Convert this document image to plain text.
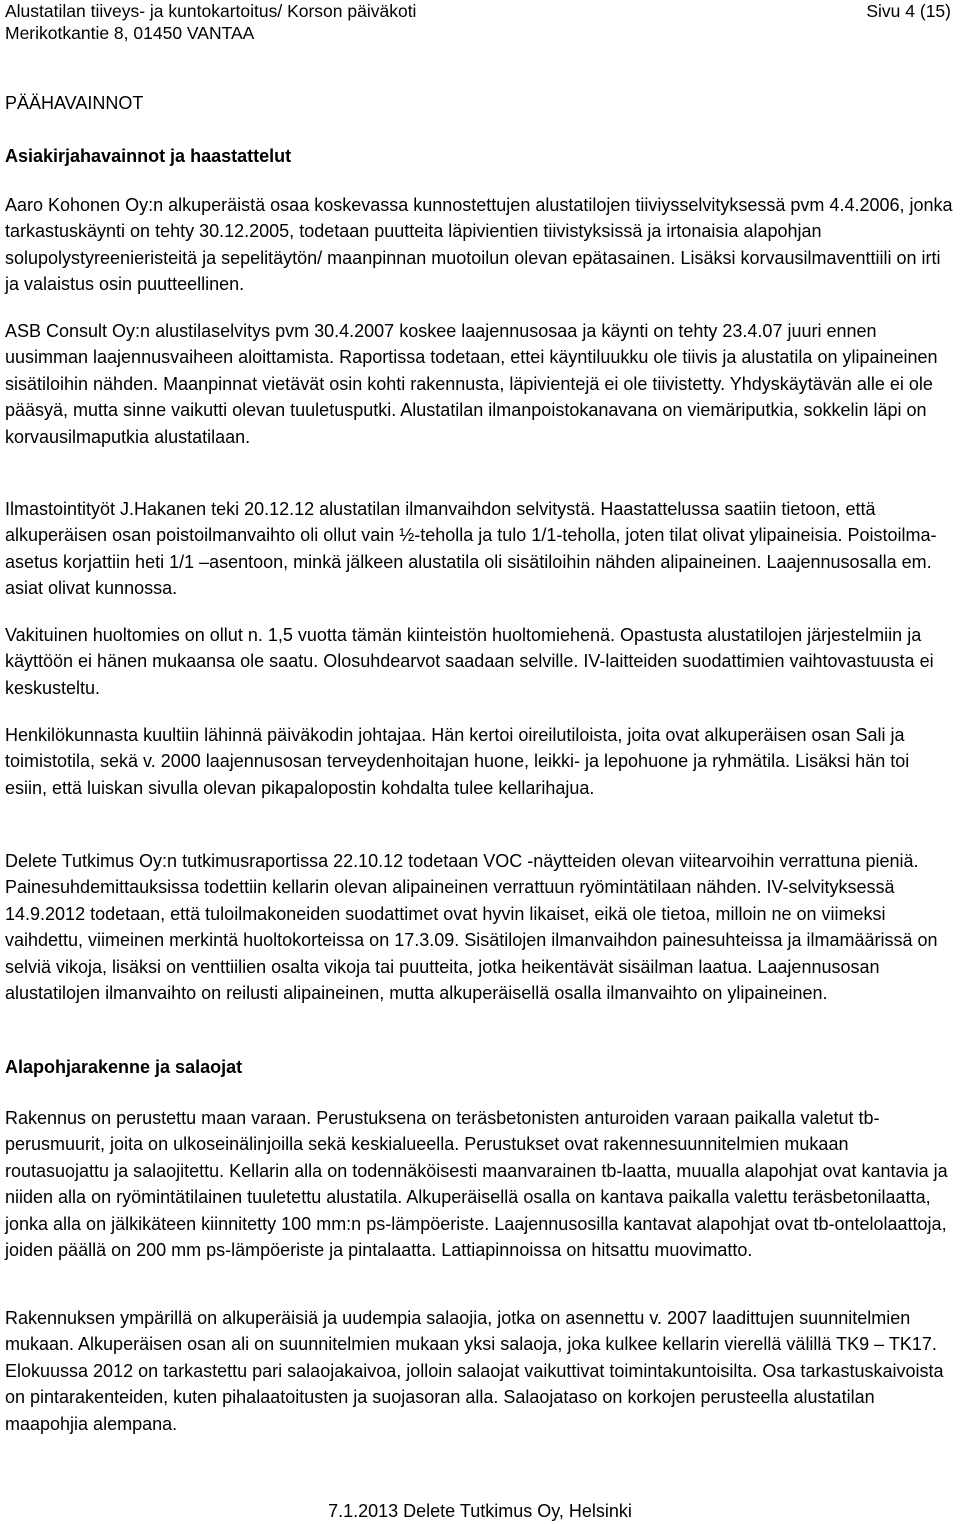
Alustatilan tiiveys- ja kuntokartoitus/ Korson päiväkoti
Merikotkantie 8, 01450 VANTAA
Sivu 4 (15)
PÄÄHAVAINNOT
Asiakirjahavainnot ja haastattelut

Aaro Kohonen Oy:n alkuperäistä osaa koskevassa kunnostettujen alustatilojen tiiviysselvityksessä pvm 4.4.2006, jonka tarkastuskäynti on tehty 30.12.2005, todetaan puutteita läpivientien tiivistyksissä ja irtonaisia alapohjan solupolystyreenieristeitä ja sepelitäytön/ maanpinnan muotoilun olevan epätasainen. Lisäksi korvausilmaventtiili on irti ja valaistus osin puutteellinen.

ASB Consult Oy:n alustilaselvitys pvm 30.4.2007 koskee laajennusosaa ja käynti on tehty 23.4.07 juuri ennen uusimman laajennusvaiheen aloittamista. Raportissa todetaan, ettei käyntiluukku ole tiivis ja alustatila on ylipaineinen sisätiloihin nähden. Maanpinnat vietävät osin kohti rakennusta, läpivientejä ei ole tiivistetty. Yhdyskäytävän alle ei ole pääsyä, mutta sinne vaikutti olevan tuuletusputki. Alustatilan ilmanpoistokanavana on viemäriputkia, sokkelin läpi on korvausilmaputkia alustatilaan.

Ilmastointityöt J.Hakanen teki 20.12.12 alustatilan ilmanvaihdon selvitystä. Haastattelussa saatiin tietoon, että alkuperäisen osan poistoilmanvaihto oli ollut vain ½-teholla ja tulo 1/1-teholla, joten tilat olivat ylipaineisia. Poistoilma-asetus korjattiin heti 1/1 –asentoon, minkä jälkeen alustatila oli sisätiloihin nähden alipaineinen. Laajennusosalla em. asiat olivat kunnossa.

Vakituinen huoltomies on ollut n. 1,5 vuotta tämän kiinteistön huoltomiehenä. Opastusta alustatilojen järjestelmiin ja käyttöön ei hänen mukaansa ole saatu. Olosuhdearvot saadaan selville. IV-laitteiden suodattimien vaihtovastuusta ei keskusteltu.

Henkilökunnasta kuultiin lähinnä päiväkodin johtajaa. Hän kertoi oireilutiloista, joita ovat alkuperäisen osan Sali ja toimistotila, sekä v. 2000 laajennusosan terveydenhoitajan huone, leikki- ja lepohuone ja ryhmätila. Lisäksi hän toi esiin, että luiskan sivulla olevan pikapalopostin kohdalta tulee kellarihajua.

Delete Tutkimus Oy:n tutkimusraportissa 22.10.12 todetaan VOC -näytteiden olevan viitearvoihin verrattuna pieniä. Painesuhdemittauksissa todettiin kellarin olevan alipaineinen verrattuun ryömintätilaan nähden. IV-selvityksessä 14.9.2012 todetaan, että tuloilmakoneiden suodattimet ovat hyvin likaiset, eikä ole tietoa, milloin ne on viimeksi vaihdettu, viimeinen merkintä huoltokorteissa on 17.3.09. Sisätilojen ilmanvaihdon painesuhteissa ja ilmamäärissä on selviä vikoja, lisäksi on venttiilien osalta vikoja tai puutteita, jotka heikentävät sisäilman laatua. Laajennusosan alustatilojen ilmanvaihto on reilusti alipaineinen, mutta alkuperäisellä osalla ilmanvaihto on ylipaineinen.

Alapohjarakenne ja salaojat

Rakennus on perustettu maan varaan. Perustuksena on teräsbetonisten anturoiden varaan paikalla valetut tb-perusmuurit, joita on ulkoseinälinjoilla sekä keskialueella. Perustukset ovat rakennesuunnitelmien mukaan routasuojattu ja salaojitettu. Kellarin alla on todennäköisesti maanvarainen tb-laatta, muualla alapohjat ovat kantavia ja niiden alla on ryömintätilainen tuuletettu alustatila. Alkuperäisellä osalla on kantava paikalla valettu teräsbetonilaatta, jonka alla on jälkikäteen kiinnitetty 100 mm:n ps-lämpöeriste. Laajennusosilla kantavat alapohjat ovat tb-ontelolaattoja, joiden päällä on 200 mm ps-lämpöeriste ja pintalaatta. Lattiapinnoissa on hitsattu muovimatto.

Rakennuksen ympärillä on alkuperäisiä ja uudempia salaojia, jotka on asennettu v. 2007 laadittujen suunnitelmien mukaan. Alkuperäisen osan ali on suunnitelmien mukaan yksi salaoja, joka kulkee kellarin vierellä välillä TK9 – TK17. Elokuussa 2012 on tarkastettu pari salaojakaivoa, jolloin salaojat vaikuttivat toimintakuntoisilta. Osa tarkastuskaivoista on pintarakenteiden, kuten pihalaatoitusten ja suojasoran alla. Salaojataso on korkojen perusteella alustatilan maapohjia alempana.

7.1.2013 Delete Tutkimus Oy, Helsinki
